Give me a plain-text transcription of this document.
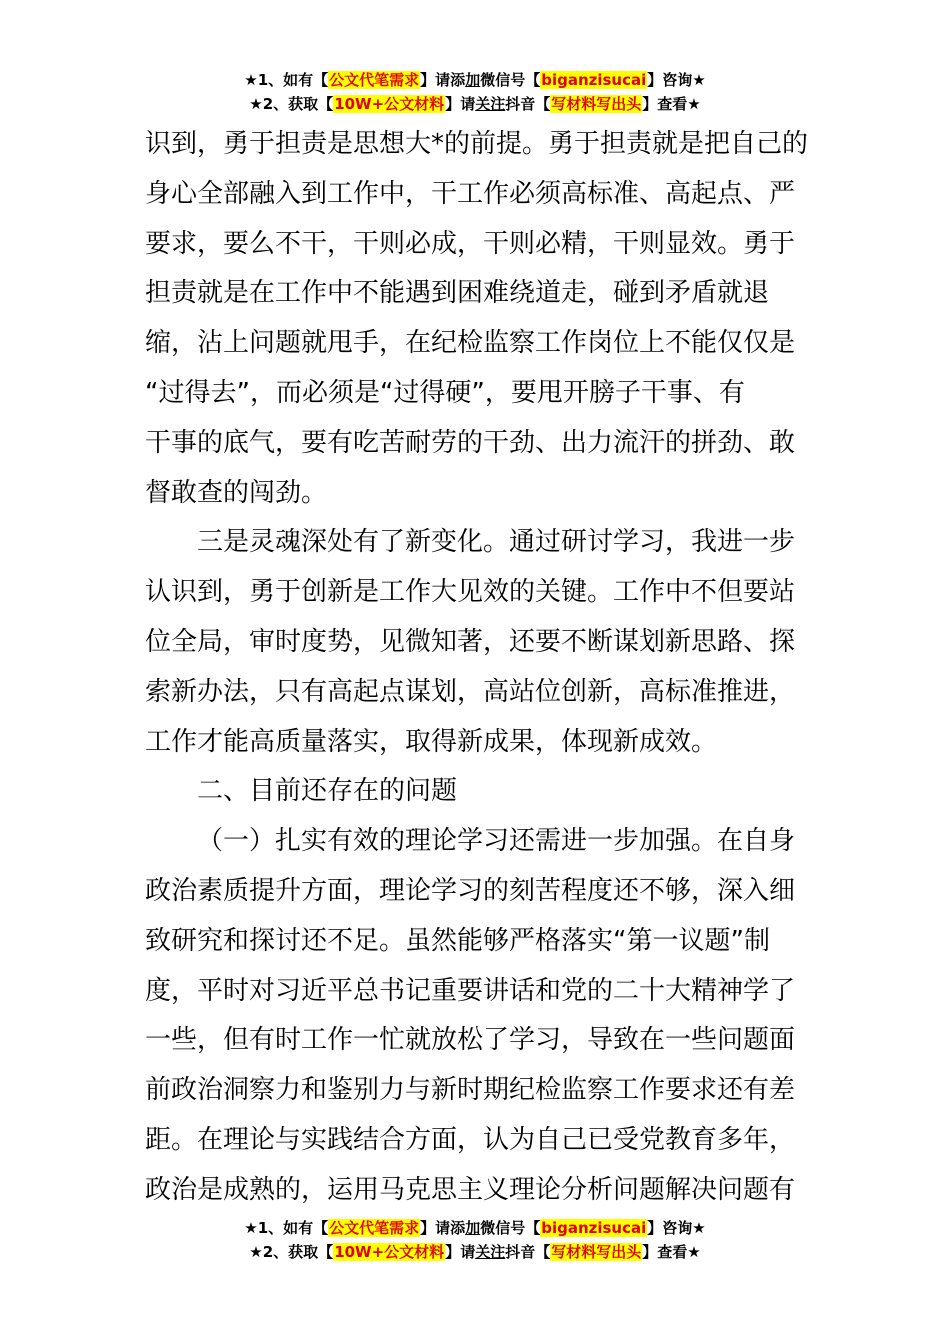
★1、如有【公文代笔需求】请添加微信号【biganzisucai】咨询★
★2、获取【10W+公文材料】请关注抖音【写材料写出头】查看★
识到，勇于担责是思想大*的前提。勇于担责就是把自己的
身心全部融入到工作中，干工作必须高标准、高起点、严
要求，要么不干，干则必成，干则必精，干则显效。勇于
担责就是在工作中不能遇到困难绕道走，碰到矛盾就退
缩，沾上问题就甩手，在纪检监察工作岗位上不能仅仅是
“过得去”，而必须是“过得硬”，要甩开膀子干事、有
干事的底气，要有吃苦耐劳的干劲、出力流汗的拼劲、敢
督敢查的闯劲。
三是灵魂深处有了新变化。通过研讨学习，我进一步
认识到，勇于创新是工作大见效的关键。工作中不但要站
位全局，审时度势，见微知著，还要不断谋划新思路、探
索新办法，只有高起点谋划，高站位创新，高标准推进，
工作才能高质量落实，取得新成果，体现新成效。
二、目前还存在的问题
（一）扎实有效的理论学习还需进一步加强。在自身
政治素质提升方面，理论学习的刻苦程度还不够，深入细
致研究和探讨还不足。虽然能够严格落实“第一议题”制
度，平时对习近平总书记重要讲话和党的二十大精神学了
一些，但有时工作一忙就放松了学习，导致在一些问题面
前政治洞察力和鉴别力与新时期纪检监察工作要求还有差
距。在理论与实践结合方面，认为自己已受党教育多年，
政治是成熟的，运用马克思主义理论分析问题解决问题有
★1、如有【公文代笔需求】请添加微信号【biganzisucai】咨询★
★2、获取【10W+公文材料】请关注抖音【写材料写出头】查看★
